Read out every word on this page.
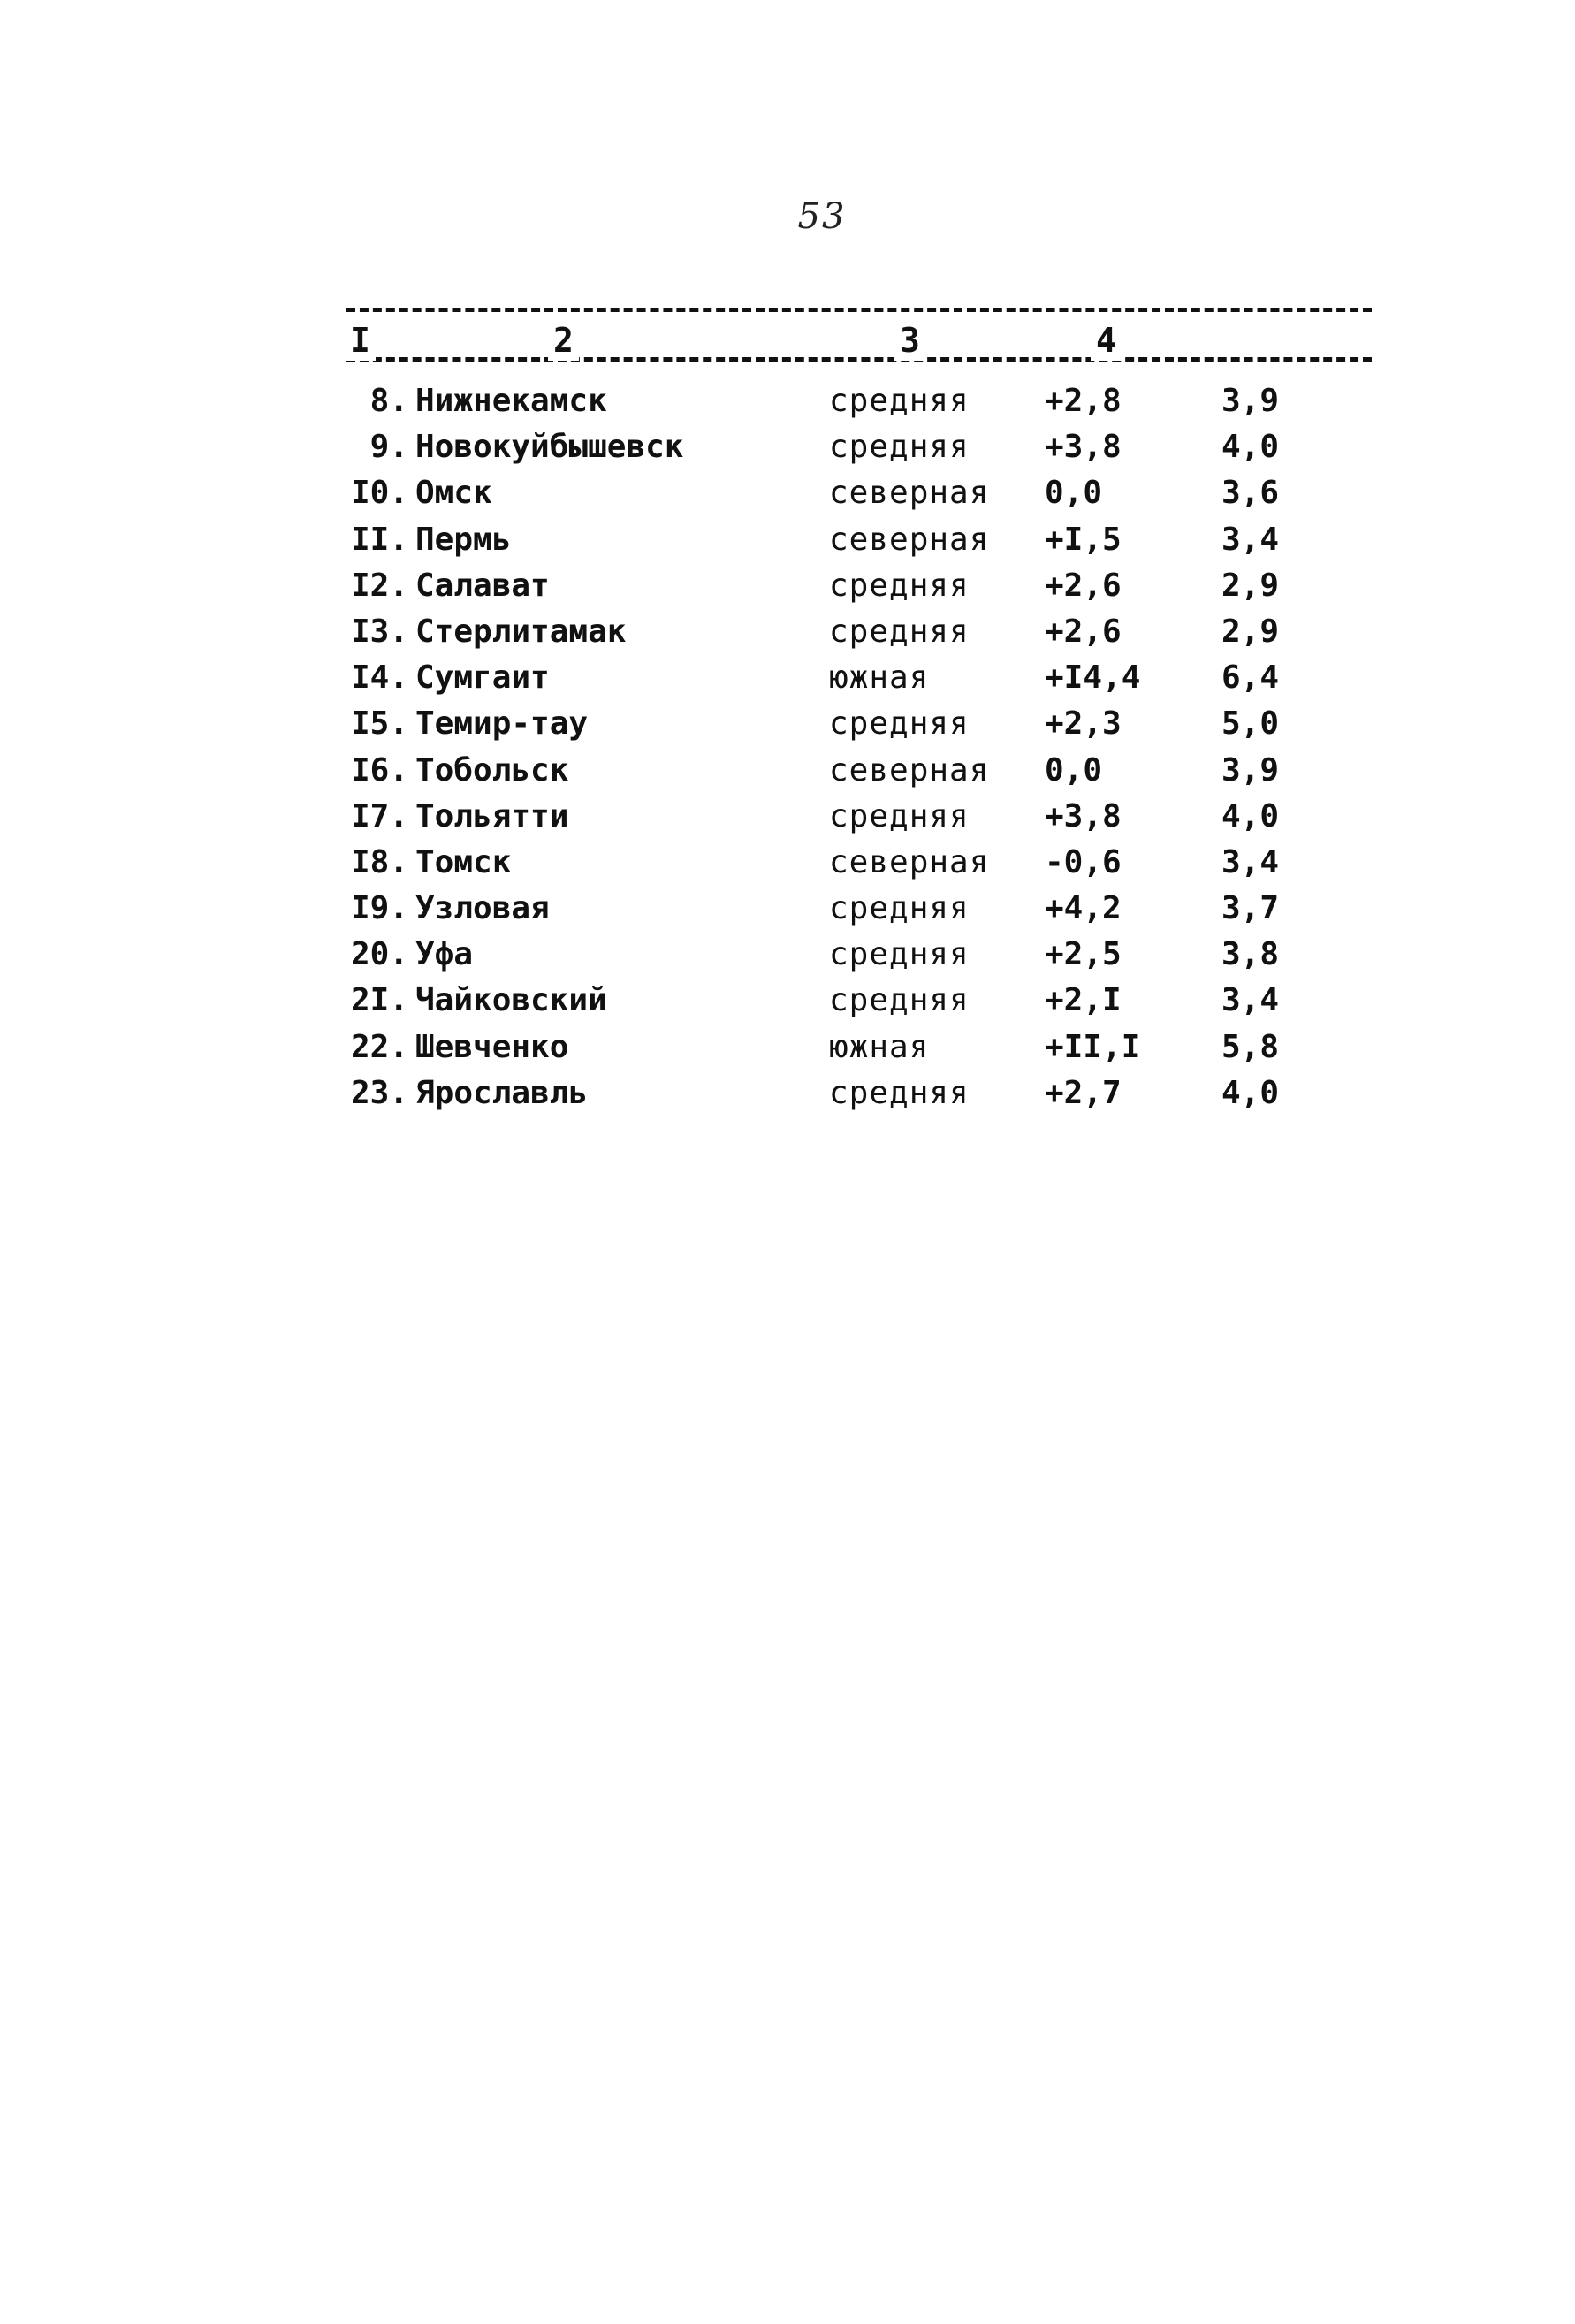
53
I	2	3	4
8. Нижнекамск	средняя +2,8	3,9
9. Новокуйбышевск	средняя +3,8	4,0
I0. Омск	северная 0,0	3,6
II. Пермь	северная +I,5	3,4
I2. Салават	средняя +2,6	2,9
I3. Стерлитамак	средняя +2,6	2,9
I4. Сумгаит	южная	+I4,4	6,4
I5. Темир-тау	средняя +2,3	5,0
I6. Тобольск	северная 0,0	3,9
I7. Тольятти	средняя +3,8	4,0
I8. Томск	северная -0,6	3,4
I9. Узловая	средняя +4,2	3,7
20. Уфа	средняя +2,5	3,8
2I. Чайковский	средняя +2,I	3,4
22. Шевченко	южная	+II,I	5,8
23. Ярославль	средняя +2,7	4,0
